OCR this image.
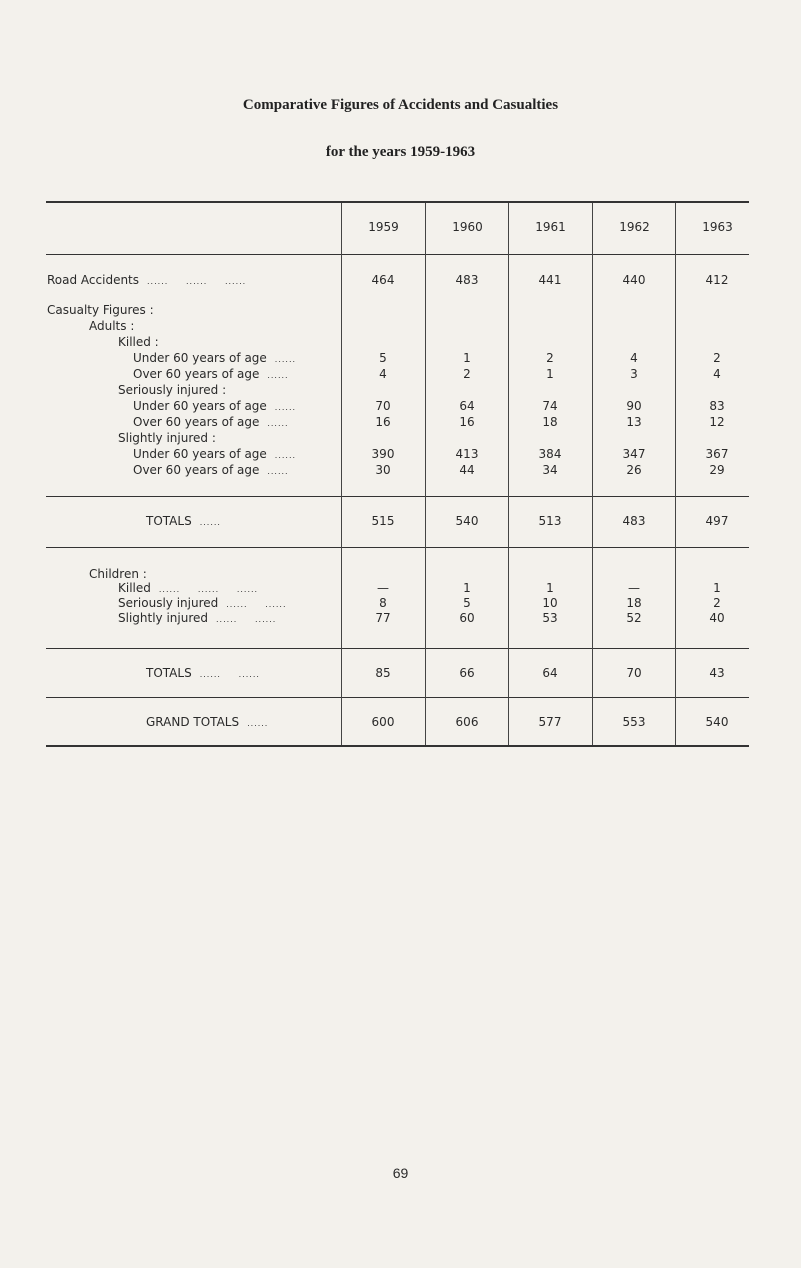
Comparative Figures of Accidents and Casualties
for the years 1959-1963
1959	1960	1961	1962	1963
Road Accidents ......     ......     ......	464	483	441	440	412
Casualty Figures :
Adults :
Killed :
Under 60 years of age ......	5	1	2	4	2
Over 60 years of age ......	4	2	1	3	4
Seriously injured :
Under 60 years of age ......	70	64	74	90	83
Over 60 years of age ......	16	16	18	13	12
Slightly injured :
Under 60 years of age ......	390	413	384	347	367
Over 60 years of age ......	30	44	34	26	29
TOTALS ......	515	540	513	483	497
Children :
Killed ......     ......     ......	—	1	1	—	1
Seriously injured ......     ......	8	5	10	18	2
Slightly injured ......     ......	77	60	53	52	40
TOTALS ......     ......	85	66	64	70	43
GRAND TOTALS ......	600	606	577	553	540
69
